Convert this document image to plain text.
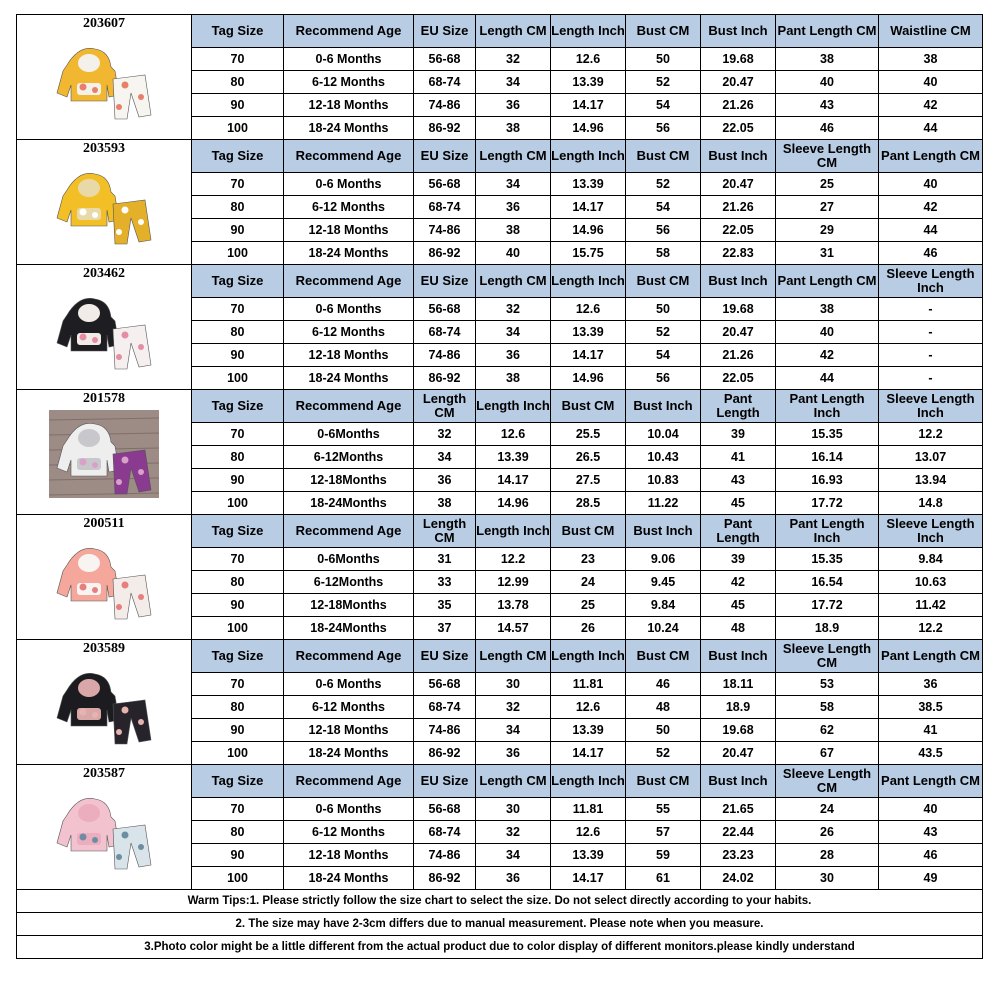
203607	Tag Size	Recommend Age	EU Size	Length CM	Length Inch	Bust CM	Bust Inch	Pant Length CM	Waistline CM
	70	0-6 Months	56-68	32	12.6	50	19.68	38	38
	80	6-12 Months	68-74	34	13.39	52	20.47	40	40
	90	12-18 Months	74-86	36	14.17	54	21.26	43	42
	100	18-24 Months	86-92	38	14.96	56	22.05	46	44

203593	Tag Size	Recommend Age	EU Size	Length CM	Length Inch	Bust CM	Bust Inch	Sleeve Length CM	Pant Length CM
	70	0-6 Months	56-68	34	13.39	52	20.47	25	40
	80	6-12 Months	68-74	36	14.17	54	21.26	27	42
	90	12-18 Months	74-86	38	14.96	56	22.05	29	44
	100	18-24 Months	86-92	40	15.75	58	22.83	31	46

203462	Tag Size	Recommend Age	EU Size	Length CM	Length Inch	Bust CM	Bust Inch	Pant Length CM	Sleeve Length Inch
	70	0-6 Months	56-68	32	12.6	50	19.68	38	-
	80	6-12 Months	68-74	34	13.39	52	20.47	40	-
	90	12-18 Months	74-86	36	14.17	54	21.26	42	-
	100	18-24 Months	86-92	38	14.96	56	22.05	44	-

201578	Tag Size	Recommend Age	Length CM	Length Inch	Bust CM	Bust Inch	Pant Length	Pant Length Inch	Sleeve Length Inch
	70	0-6Months	32	12.6	25.5	10.04	39	15.35	12.2
	80	6-12Months	34	13.39	26.5	10.43	41	16.14	13.07
	90	12-18Months	36	14.17	27.5	10.83	43	16.93	13.94
	100	18-24Months	38	14.96	28.5	11.22	45	17.72	14.8

200511	Tag Size	Recommend Age	Length CM	Length Inch	Bust CM	Bust Inch	Pant Length	Pant Length Inch	Sleeve Length Inch
	70	0-6Months	31	12.2	23	9.06	39	15.35	9.84
	80	6-12Months	33	12.99	24	9.45	42	16.54	10.63
	90	12-18Months	35	13.78	25	9.84	45	17.72	11.42
	100	18-24Months	37	14.57	26	10.24	48	18.9	12.2

203589	Tag Size	Recommend Age	EU Size	Length CM	Length Inch	Bust CM	Bust Inch	Sleeve Length CM	Pant Length CM
	70	0-6 Months	56-68	30	11.81	46	18.11	53	36
	80	6-12 Months	68-74	32	12.6	48	18.9	58	38.5
	90	12-18 Months	74-86	34	13.39	50	19.68	62	41
	100	18-24 Months	86-92	36	14.17	52	20.47	67	43.5

203587	Tag Size	Recommend Age	EU Size	Length CM	Length Inch	Bust CM	Bust Inch	Sleeve Length CM	Pant Length CM
	70	0-6 Months	56-68	30	11.81	55	21.65	24	40
	80	6-12 Months	68-74	32	12.6	57	22.44	26	43
	90	12-18 Months	74-86	34	13.39	59	23.23	28	46
	100	18-24 Months	86-92	36	14.17	61	24.02	30	49
Warm Tips:1. Please strictly follow the size chart to select the size. Do not select directly according to your habits.									
2. The size may have 2-3cm differs due to manual measurement. Please note when you measure.									
3.Photo color might be a little different from the actual product due to color display of different monitors.please kindly understand									
